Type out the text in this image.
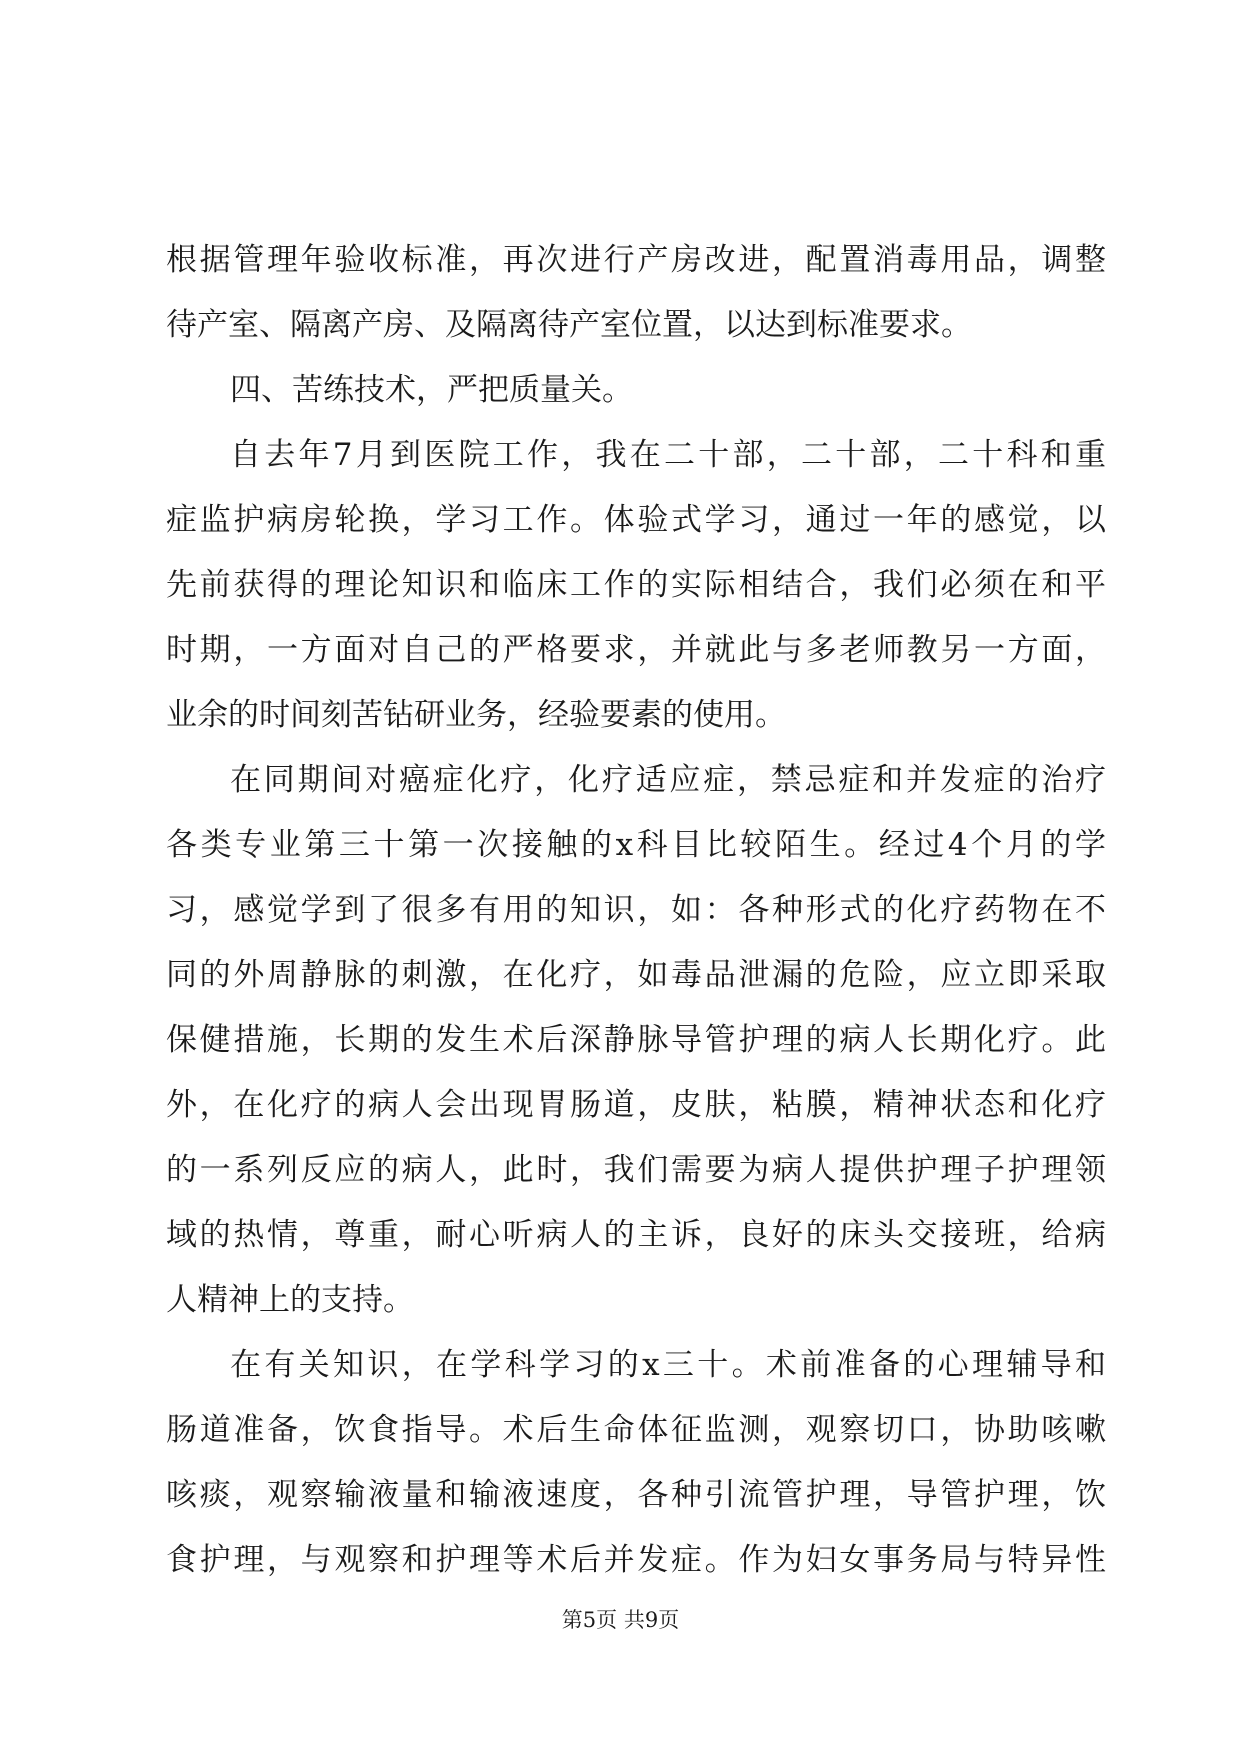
根据管理年验收标准，再次进行产房改进，配置消毒用品，调整
待产室、隔离产房、及隔离待产室位置，以达到标准要求。
四、苦练技术，严把质量关。
自去年7月到医院工作，我在二十部，二十部，二十科和重
症监护病房轮换，学习工作。体验式学习，通过一年的感觉，以
先前获得的理论知识和临床工作的实际相结合，我们必须在和平
时期，一方面对自己的严格要求，并就此与多老师教另一方面，
业余的时间刻苦钻研业务，经验要素的使用。
在同期间对癌症化疗，化疗适应症，禁忌症和并发症的治疗
各类专业第三十第一次接触的x科目比较陌生。经过4个月的学
习，感觉学到了很多有用的知识，如：各种形式的化疗药物在不
同的外周静脉的刺激，在化疗，如毒品泄漏的危险，应立即采取
保健措施，长期的发生术后深静脉导管护理的病人长期化疗。此
外，在化疗的病人会出现胃肠道，皮肤，粘膜，精神状态和化疗
的一系列反应的病人，此时，我们需要为病人提供护理子护理领
域的热情，尊重，耐心听病人的主诉，良好的床头交接班，给病
人精神上的支持。
在有关知识，在学科学习的x三十。术前准备的心理辅导和
肠道准备，饮食指导。术后生命体征监测，观察切口，协助咳嗽
咳痰，观察输液量和输液速度，各种引流管护理，导管护理，饮
食护理，与观察和护理等术后并发症。作为妇女事务局与特异性
第5页 共9页
